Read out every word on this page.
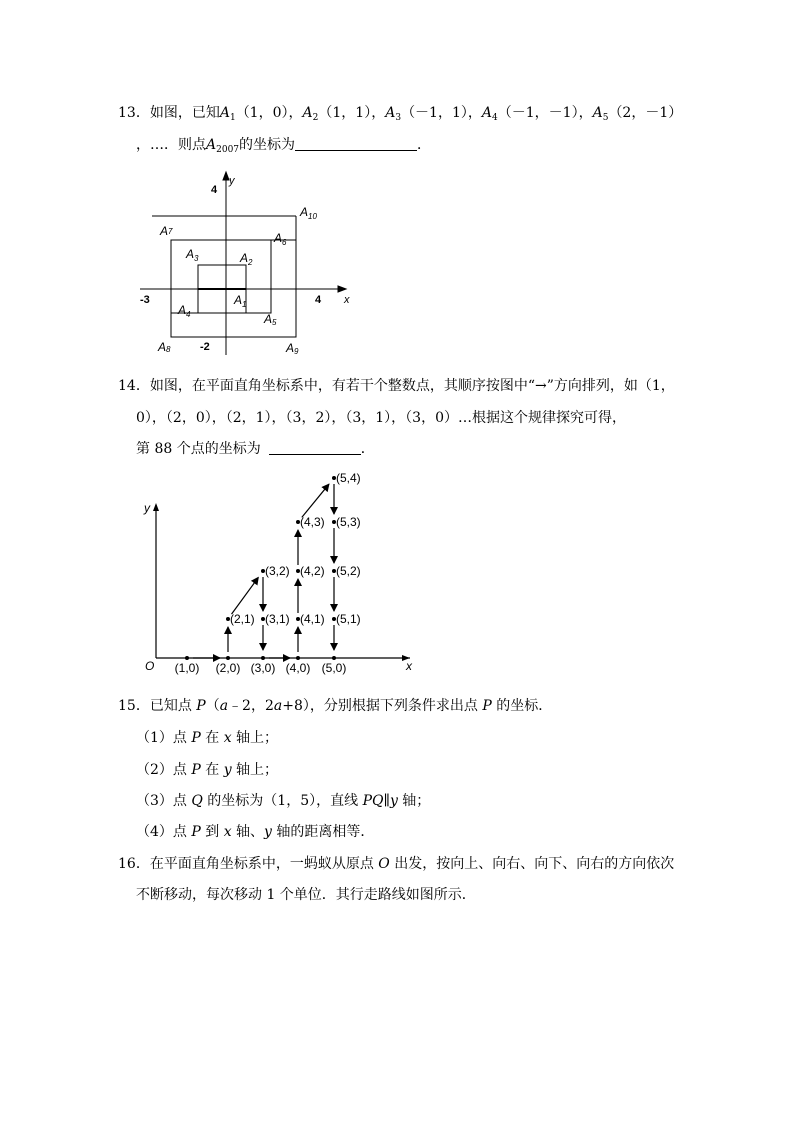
13．如图，已知$A_1(1$，0），$A_2(1$，1），$A_3(-1$，1），$A_4(-1$，－1），$A_5(2$，－1）
，…．则点$A_{2007}$的坐标为	．
y
x
4
4
-3
-2
$A_1$
$A_2$
$A_3$
$A_4$	A5
$A_6$
A7
A8	A9
$A_{10}$
14．如图，在平面直角坐标系中，有若干个整数点，其顺序按图中“→”方向排列，如（1，
0），（2，0），（2，1），（3，2），（3，1），（3，0）…根据这个规律探究可得，
第 88 个点的坐标为	．
y
x
O (1,0) (2,0)
(2,1)
(3,2)
(3,1)
(3,0) (4,0)
(4,1)
(4,2)
(4,3)
(5,4)
(5,3)
(5,2)
(5,1)
(5,0)
15．已知点 P（a﹣2，2a+8），分别根据下列条件求出点 P 的坐标．
（1）点 P 在 x 轴上；
（2）点 P 在 y 轴上；
（3）点 Q 的坐标为（1，5），直线 PQ∥y 轴；
（4）点 P 到 x 轴、y 轴的距离相等．
16．在平面直角坐标系中，一蚂蚁从原点 O 出发，按向上、向右、向下、向右的方向依次
不断移动，每次移动 1 个单位．其行走路线如图所示．
